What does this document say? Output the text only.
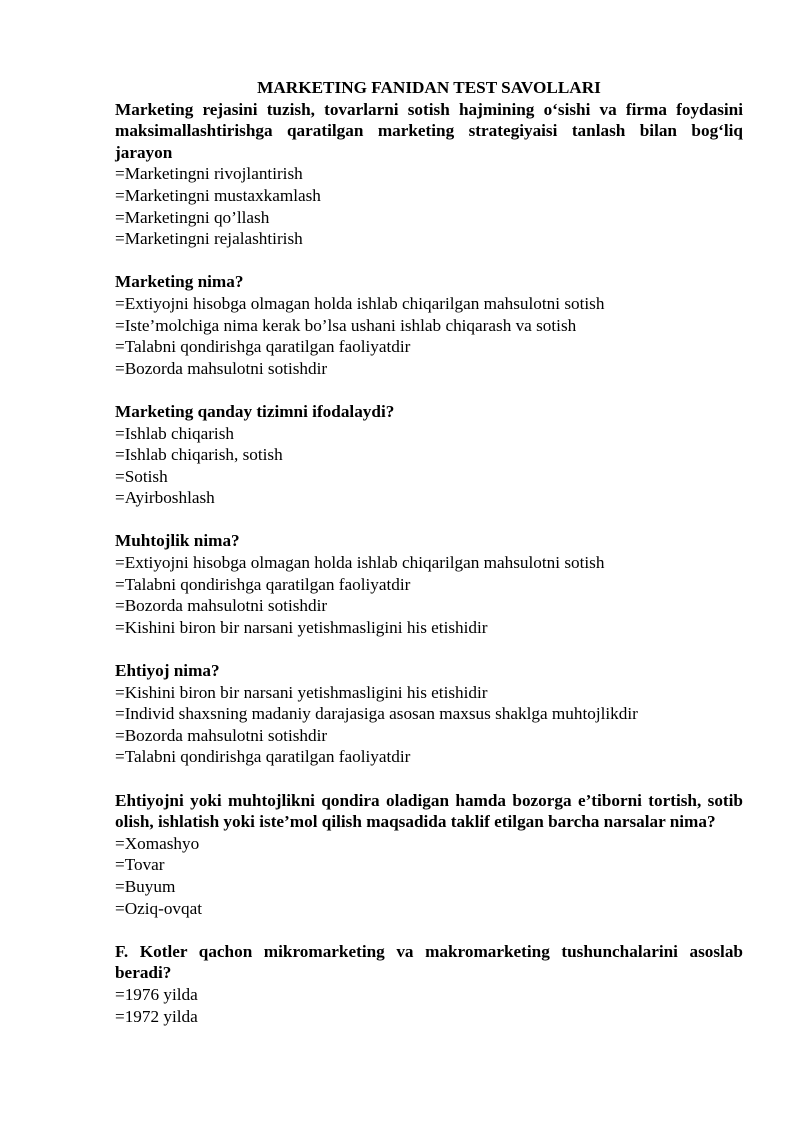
MARKETING FANIDAN TEST SAVOLLARI

Marketing rejasini tuzish, tovarlarni sotish hajmining o‘sishi va firma foydasini maksimallashtirishga qaratilgan marketing strategiyaisi tanlash bilan bog‘liq jarayon

=Marketingni rivojlantirish

=Marketingni mustaxkamlash

=Marketingni qo’llash

=Marketingni rejalashtirish

Marketing nima?

=Extiyojni hisobga olmagan holda ishlab chiqarilgan mahsulotni sotish

=Iste’molchiga nima kerak bo’lsa ushani ishlab chiqarash va sotish

=Talabni qondirishga qaratilgan faoliyatdir

=Bozorda mahsulotni sotishdir

Marketing qanday tizimni ifodalaydi?

=Ishlab chiqarish

=Ishlab chiqarish, sotish

=Sotish

=Ayirboshlash

Muhtojlik nima?

=Extiyojni hisobga olmagan holda ishlab chiqarilgan mahsulotni sotish

=Talabni qondirishga qaratilgan faoliyatdir

=Bozorda mahsulotni sotishdir

=Kishini biron bir narsani yetishmasligini his etishidir

Ehtiyoj nima?

=Kishini biron bir narsani yetishmasligini his etishidir

=Individ shaxsning madaniy darajasiga asosan maxsus shaklga muhtojlikdir

=Bozorda mahsulotni sotishdir

=Talabni qondirishga qaratilgan faoliyatdir

Ehtiyojni yoki muhtojlikni qondira oladigan hamda bozorga e’tiborni tortish, sotib olish, ishlatish yoki iste’mol qilish maqsadida taklif etilgan barcha narsalar nima?

=Xomashyo

=Tovar

=Buyum

=Oziq-ovqat

F. Kotler qachon mikromarketing va makromarketing tushunchalarini asoslab beradi?

=1976 yilda

=1972 yilda
